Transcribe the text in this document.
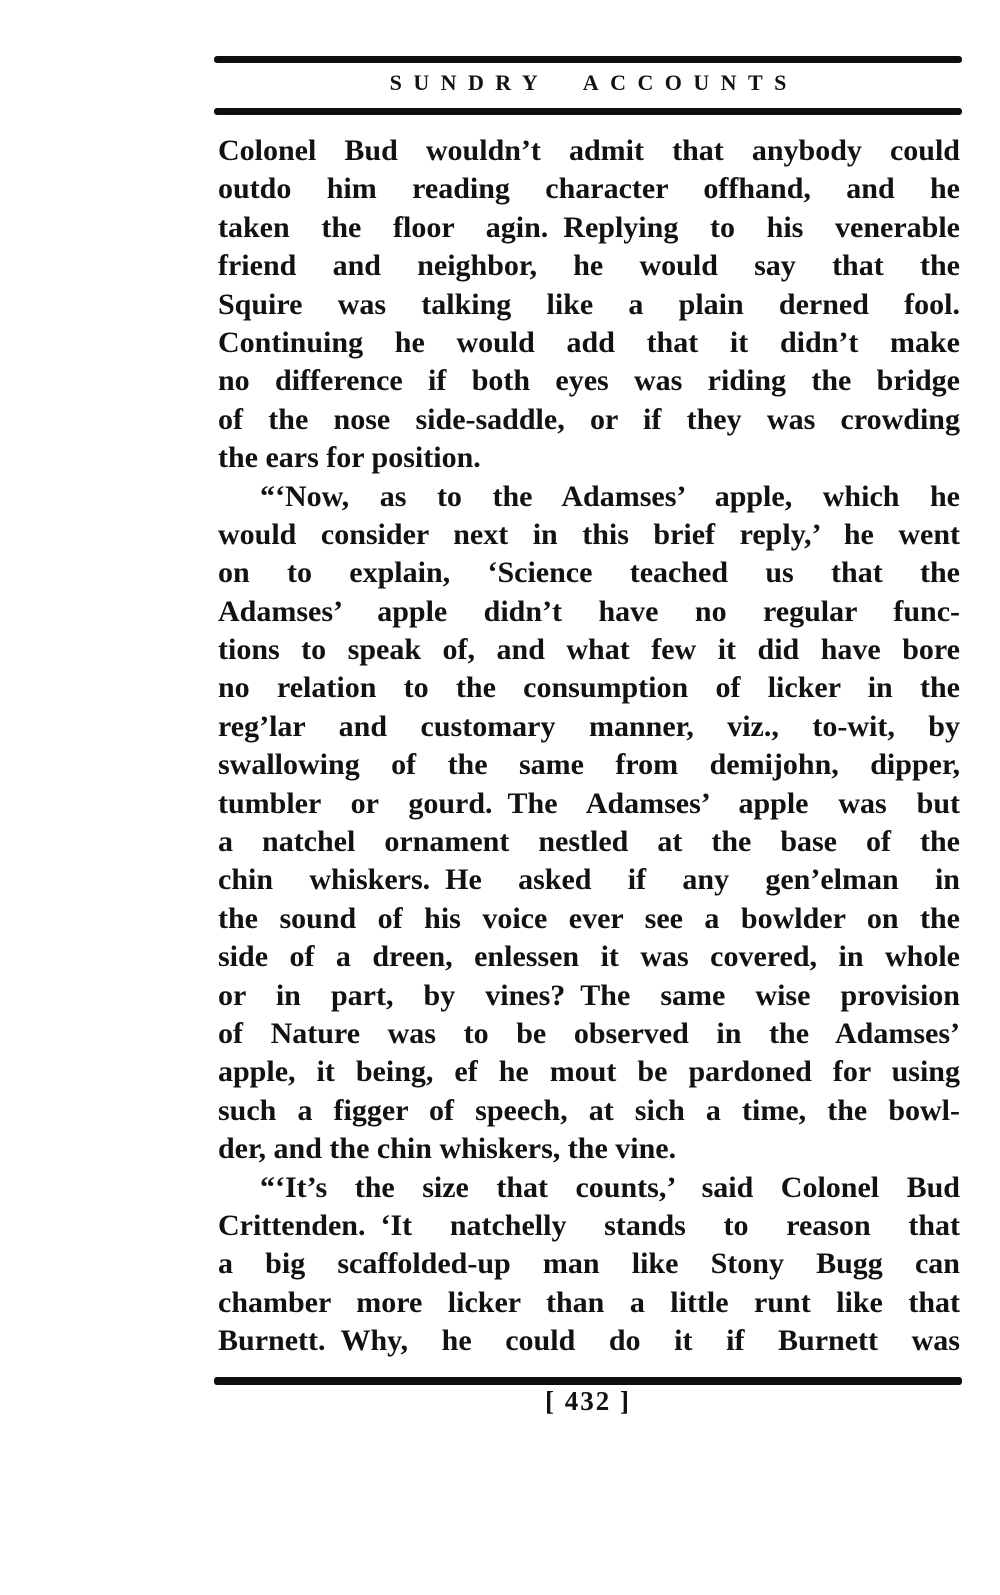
SUNDRY ACCOUNTS
Colonel Bud wouldn’t admit that anybody could
outdo him reading character offhand, and he
taken the floor agin. Replying to his venerable
friend and neighbor, he would say that the
Squire was talking like a plain derned fool.
Continuing he would add that it didn’t make
no difference if both eyes was riding the bridge
of the nose side-saddle, or if they was crowding
the ears for position.
“‘Now, as to the Adamses’ apple, which he
would consider next in this brief reply,’ he went
on to explain, ‘Science teached us that the
Adamses’ apple didn’t have no regular func-
tions to speak of, and what few it did have bore
no relation to the consumption of licker in the
reg’lar and customary manner, viz., to-wit, by
swallowing of the same from demijohn, dipper,
tumbler or gourd. The Adamses’ apple was but
a natchel ornament nestled at the base of the
chin whiskers. He asked if any gen’elman in
the sound of his voice ever see a bowlder on the
side of a dreen, enlessen it was covered, in whole
or in part, by vines? The same wise provision
of Nature was to be observed in the Adamses’
apple, it being, ef he mout be pardoned for using
such a figger of speech, at sich a time, the bowl-
der, and the chin whiskers, the vine.
“‘It’s the size that counts,’ said Colonel Bud
Crittenden. ‘It natchelly stands to reason that
a big scaffolded-up man like Stony Bugg can
chamber more licker than a little runt like that
Burnett. Why, he could do it if Burnett was
[ 432 ]
